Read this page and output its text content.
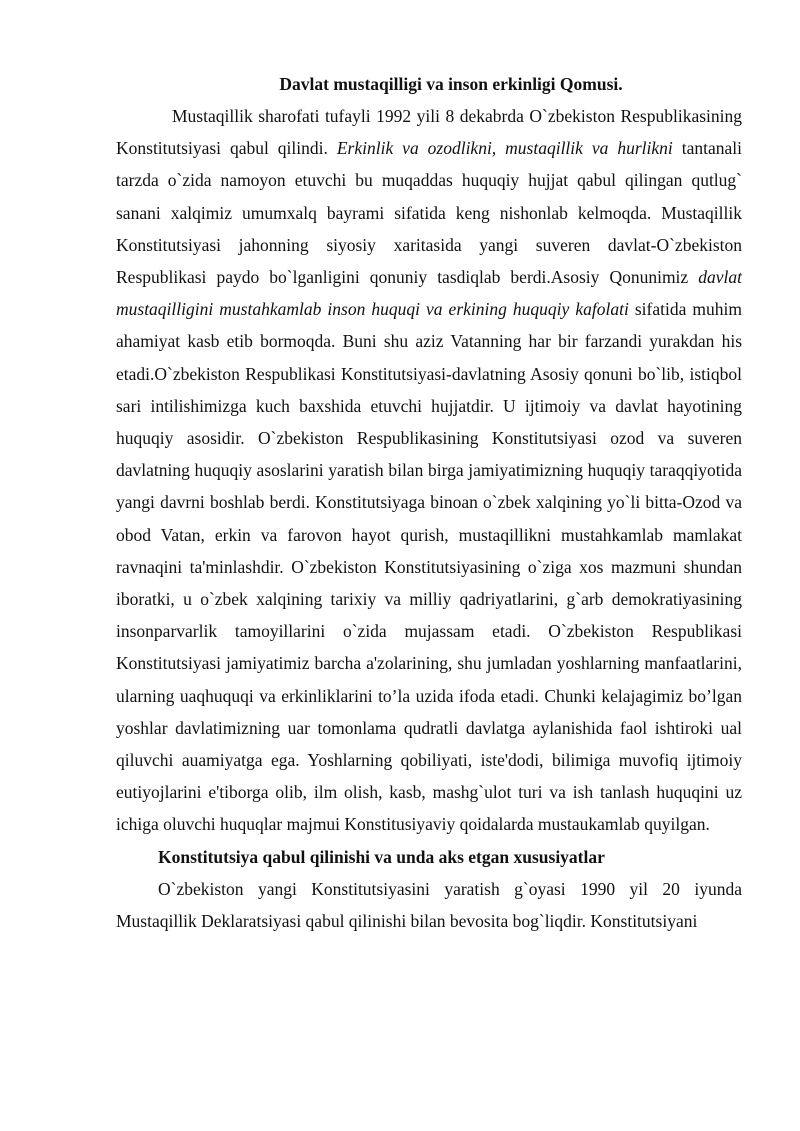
Davlat mustaqilligi va inson erkinligi Qomusi.

Mustaqillik sharofati tufayli 1992 yili 8 dekabrda O`zbekiston Respublikasining Konstitutsiyasi qabul qilindi. Erkinlik va ozodlikni, mustaqillik va hurlikni tantanali tarzda o`zida namoyon etuvchi bu muqaddas huquqiy hujjat qabul qilingan qutlug` sanani xalqimiz umumxalq bayrami sifatida keng nishonlab kelmoqda. Mustaqillik Konstitutsiyasi jahonning siyosiy xaritasida yangi suveren davlat-O`zbekiston Respublikasi paydo bo`lganligini qonuniy tasdiqlab berdi.Asosiy Qonunimiz davlat mustaqilligini mustahkamlab inson huquqi va erkining huquqiy kafolati sifatida muhim ahamiyat kasb etib bormoqda. Buni shu aziz Vatanning har bir farzandi yurakdan his etadi.O`zbekiston Respublikasi Konstitutsiyasi-davlatning Asosiy qonuni bo`lib, istiqbol sari intilishimizga kuch baxshida etuvchi hujjatdir. U ijtimoiy va davlat hayotining huquqiy asosidir. O`zbekiston Respublikasining Konstitutsiyasi ozod va suveren davlatning huquqiy asoslarini yaratish bilan birga jamiyatimizning huquqiy taraqqiyotida yangi davrni boshlab berdi. Konstitutsiyaga binoan o`zbek xalqining yo`li bitta-Ozod va obod Vatan, erkin va farovon hayot qurish, mustaqillikni mustahkamlab mamlakat ravnaqini ta'minlashdir. O`zbekiston Konstitutsiyasining o`ziga xos mazmuni shundan iboratki, u o`zbek xalqining tarixiy va milliy qadriyatlarini, g`arb demokratiyasining insonparvarlik tamoyillarini o`zida mujassam etadi. O`zbekiston Respublikasi Konstitutsiyasi jamiyatimiz barcha a'zolarining, shu jumladan yoshlarning manfaatlarini, ularning uaqhuquqi va erkinliklarini to’la uzida ifoda etadi. Chunki kelajagimiz bo’lgan yoshlar davlatimizning uar tomonlama qudratli davlatga aylanishida faol ishtiroki ual qiluvchi auamiyatga ega. Yoshlarning qobiliyati, iste'dodi, bilimiga muvofiq ijtimoiy eutiyojlarini e'tiborga olib, ilm olish, kasb, mashg`ulot turi va ish tanlash huquqini uz ichiga oluvchi huquqlar majmui Konstitusiyaviy qoidalarda mustaukamlab quyilgan.

Konstitutsiya qabul qilinishi va unda aks etgan xususiyatlar

O`zbekiston yangi Konstitutsiyasini yaratish g`oyasi 1990 yil 20 iyunda Mustaqillik Deklaratsiyasi qabul qilinishi bilan bevosita bog`liqdir. Konstitutsiyani
